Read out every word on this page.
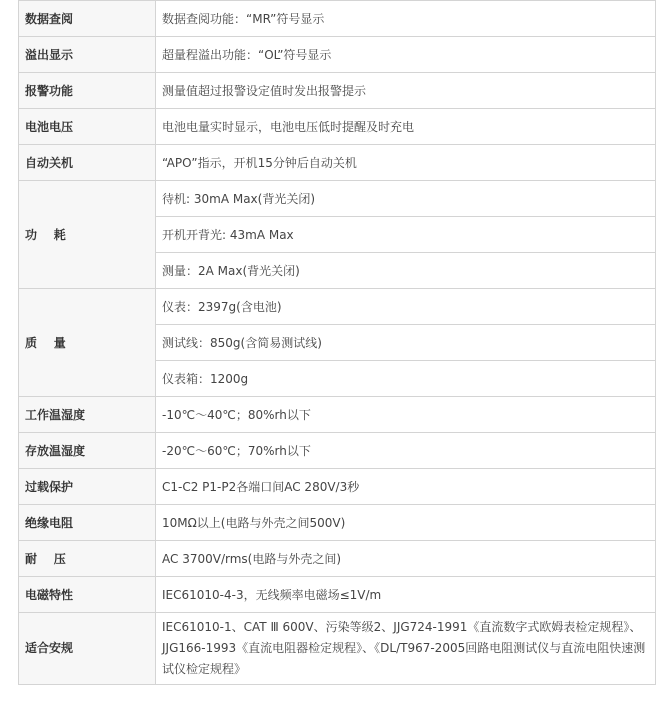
数据查阅	数据查阅功能：“MR”符号显示
溢出显示	超量程溢出功能：“OL”符号显示
报警功能	测量值超过报警设定值时发出报警提示
电池电压	电池电量实时显示，电池电压低时提醒及时充电
自动关机	“APO”指示，开机15分钟后自动关机
功    耗	待机: 30mA Max(背光关闭)
	开机开背光: 43mA Max
	测量：2A Max(背光关闭)
质    量	仪表：2397g(含电池)
	测试线：850g(含简易测试线)
	仪表箱：1200g
工作温湿度	-10℃～40℃；80%rh以下
存放温湿度	-20℃～60℃；70%rh以下
过载保护	C1-C2 P1-P2各端口间AC 280V/3秒
绝缘电阻	10MΩ以上(电路与外壳之间500V)
耐    压	AC 3700V/rms(电路与外壳之间)
电磁特性	IEC61010-4-3，无线频率电磁场≤1V/m
适合安规	IEC61010-1、CAT Ⅲ 600V、污染等级2、JJG724-1991《直流数字式欧姆表检定规程》、
JJG166-1993《直流电阻器检定规程》、《DL/T967-2005回路电阻测试仪与直流电阻快速测
试仪检定规程》
